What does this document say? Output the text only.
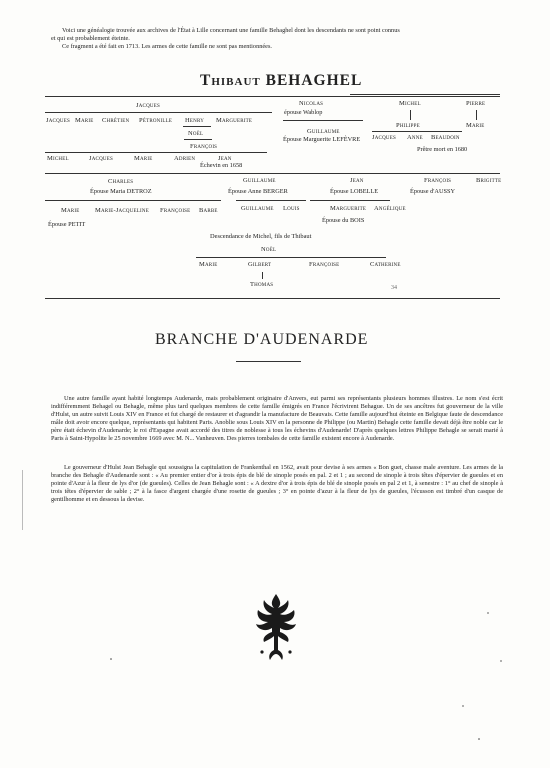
Voici une généalogie trouvée aux archives de l'État à Lille concernant une famille Behaghel dont les descendants ne sont point connus
et qui est probablement éteinte.
Ce fragment a été fait en 1713. Les armes de cette famille ne sont pas mentionnées.
Thibaut BEHAGHEL
Jacques	Nicolas
épouse Wablop
Michel	Pierre
Jacques Marie Chrétien Pétronille Henry Marguerite
Noël
François
Guillaume
Épouse Marguerite LEFÈVRE
Philippe	Marie
Jacques Anne Beaudoin
Prêtre mort en 1680
Michel	Jacques	Marie	Adrien	Jean
Échevin en 1658
Charles
Épouse Maria DETROZ
Guillaume
Épouse Anne BERGER
Jean
Épouse LOBELLE
François
Épouse d'AUSSY
Brigitte
Marie Marie-Jacqueline Françoise Barbe
Épouse PETIT
Guillaume Louis	Marguerite Angélique
Épouse du BOIS
Descendance de Michel, fils de Thibaut
Noël
Marie	Gilbert	Françoise	Catherine
Thomas	34
BRANCHE D'AUDENARDE
Une autre famille ayant habité longtemps Audenarde, mais probablement originaire d'Anvers, eut parmi ses représentants plusieurs hommes illustres. Le nom s'est écrit indifféremment Behagel ou Behagle, même plus tard quelques membres de cette famille émigrés en France l'écrivirent Behague. Un de ses ancêtres fut gouverneur de la ville d'Hulst, un autre suivit Louis XIV en France et fut chargé de restaurer et d'agrandir la manufacture de Beauvais. Cette famille aujourd'hui éteinte en Belgique faute de descendance mâle doit avoir encore quelque, représentants qui habitent Paris. Anoblie sous Louis XIV en la personne de Philippe (ou Martin) Behagle cette famille devait déjà être noble car le père était échevin d'Audenarde; le roi d'Espagne avait accordé des titres de noblesse à tous les échevins d'Audenarde! D'après quelques lettres Philippe Behagle se serait marié à Paris à Saint-Hypolite le 25 novembre 1669 avec M. N... Vanheuven. Des pierres tombales de cette famille existent encore à Audenarde.
Le gouverneur d'Hulst Jean Behagle qui soussigna la capitulation de Frankenthal en 1562, avait pour devise à ses armes « Bon guet, chasse male aventure. Les armes de la branche des Behagle d'Audenarde sont : « Au premier entier d'or à trois épis de blé de sinople posés en pal. 2 et 1 ; au second de sinople à trois têtes d'épervier de gueules et en pointe d'Azur à la fleur de lys d'or (de gueules). Celles de Jean Behagle sont : « A dextre d'or à trois épis de blé de sinople posés en pal 2 et 1, à senestre : 1° au chef de sinople à trois têtes d'épervier de sable ; 2° à la fasce d'argent chargée d'une rosette de gueules ; 3° en pointe d'azur à la fleur de lys de gueules, l'écusson est timbré d'un casque de gentilhomme et en dessous la devise.
